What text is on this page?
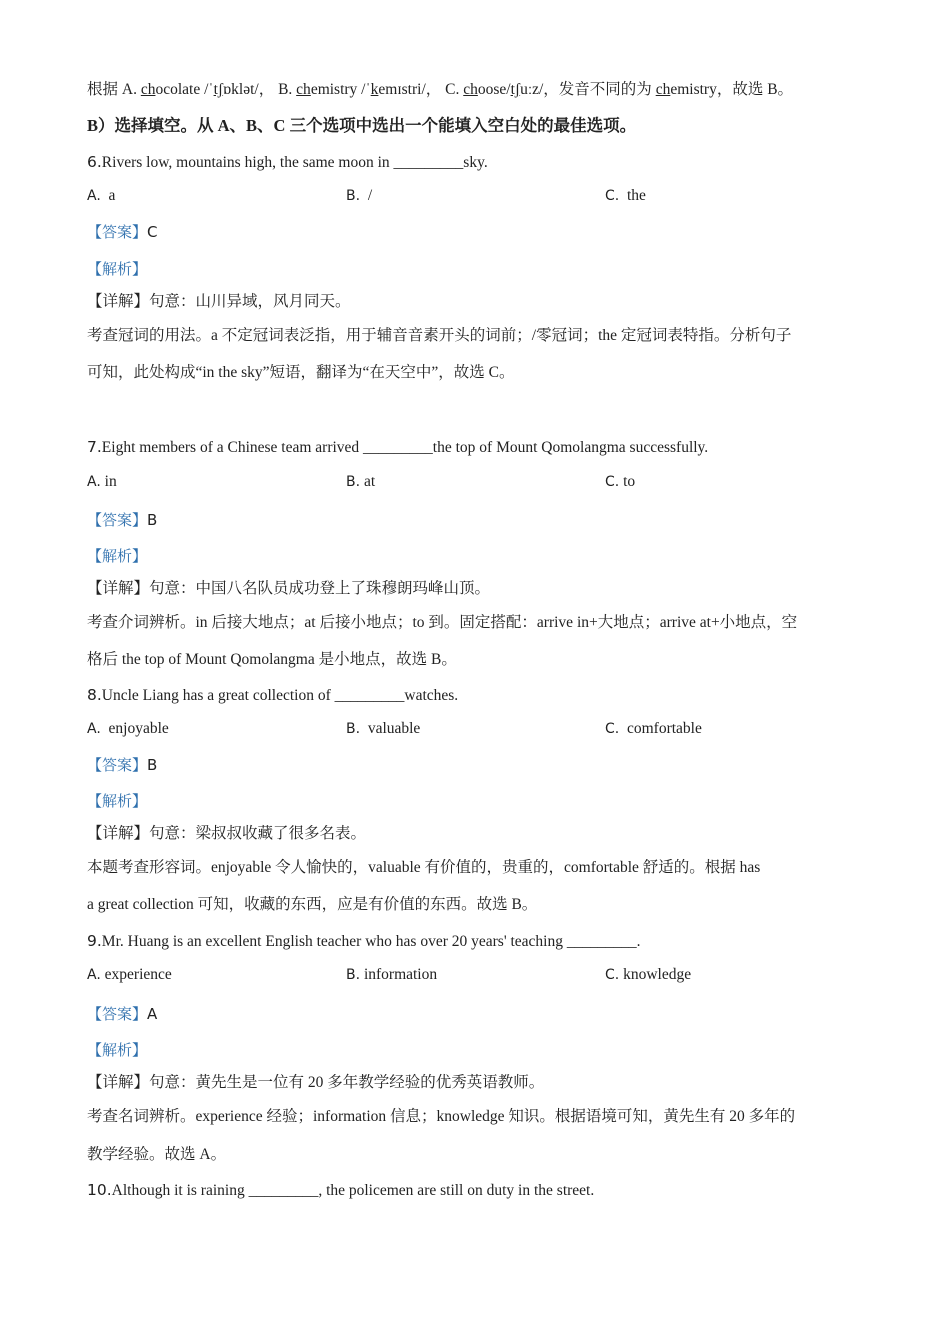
根据 A. chocolate /ˈtʃɒklət/， B. chemistry /ˈkemɪstri/， C. choose/tʃuːz/，发音不同的为 chemistry，故选 B。
B）选择填空。从 A、B、C 三个选项中选出一个能填入空白处的最佳选项。
6.Rivers low, mountains high, the same moon in _________sky.
A. a	B. /	C. the
【答案】C
【解析】
【详解】句意：山川异域，风月同天。
考查冠词的用法。a 不定冠词表泛指，用于辅音音素开头的词前；/零冠词；the 定冠词表特指。分析句子
可知，此处构成“in the sky”短语，翻译为“在天空中”，故选 C。
7.Eight members of a Chinese team arrived _________the top of Mount Qomolangma successfully.
A. in	B. at	C. to
【答案】B
【解析】
【详解】句意：中国八名队员成功登上了珠穆朗玛峰山顶。
考查介词辨析。in 后接大地点；at 后接小地点；to 到。固定搭配：arrive in+大地点；arrive at+小地点，空
格后 the top of Mount Qomolangma 是小地点，故选 B。
8.Uncle Liang has a great collection of _________watches.
A. enjoyable	B. valuable	C. comfortable
【答案】B
【解析】
【详解】句意：梁叔叔收藏了很多名表。
本题考查形容词。enjoyable 令人愉快的，valuable 有价值的，贵重的，comfortable 舒适的。根据 has
a great collection 可知，收藏的东西，应是有价值的东西。故选 B。
9.Mr. Huang is an excellent English teacher who has over 20 years' teaching _________.
A. experience	B. information	C. knowledge
【答案】A
【解析】
【详解】句意：黄先生是一位有 20 多年教学经验的优秀英语教师。
考查名词辨析。experience 经验；information 信息；knowledge 知识。根据语境可知，黄先生有 20 多年的
教学经验。故选 A。
10.Although it is raining _________, the policemen are still on duty in the street.
